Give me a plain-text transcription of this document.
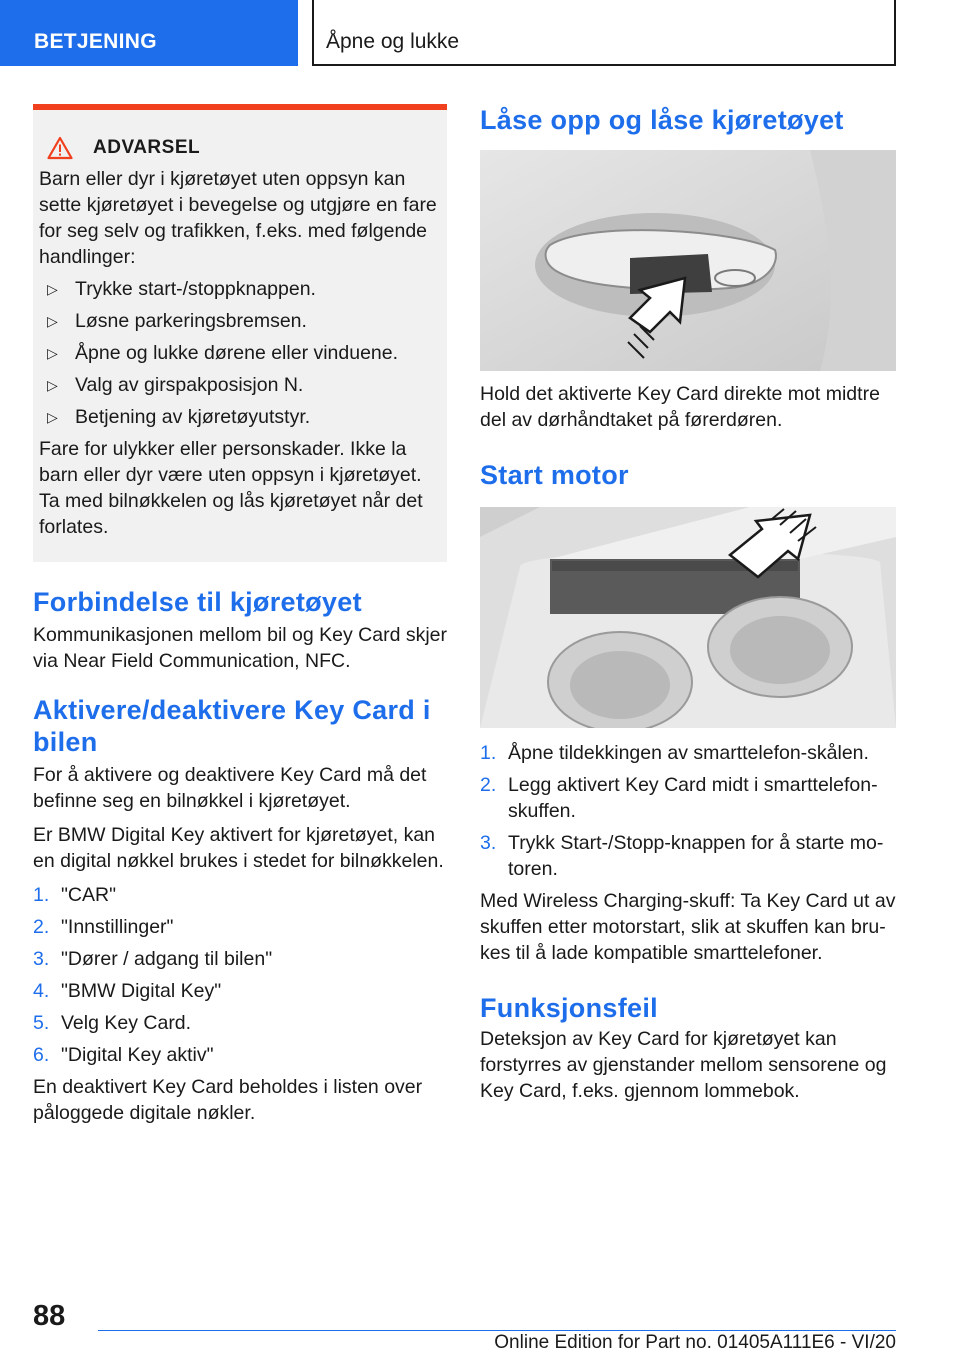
BETJENING	Åpne og lukke
ADVARSEL

Barn eller dyr i kjøretøyet uten oppsyn kan sette kjøretøyet i bevegelse og utgjøre en fare for seg selv og trafikken, f.eks. med følgende handlinger:

▷ Trykke start-/stoppknappen.
▷ Løsne parkeringsbremsen.
▷ Åpne og lukke dørene eller vinduene.
▷ Valg av girspakposisjon N.
▷ Betjening av kjøretøyutstyr.

Fare for ulykker eller personskader. Ikke la barn eller dyr være uten oppsyn i kjøretøyet. Ta med bilnøkkelen og lås kjøretøyet når det forlates.

Forbindelse til kjøretøyet

Kommunikasjonen mellom bil og Key Card skjer via Near Field Communication, NFC.

Aktivere/deaktivere Key Card i bilen

For å aktivere og deaktivere Key Card må det befinne seg en bilnøkkel i kjøretøyet.

Er BMW Digital Key aktivert for kjøretøyet, kan en digital nøkkel brukes i stedet for bilnøkkelen.

1. "CAR"
2. "Innstillinger"
3. "Dører / adgang til bilen"
4. "BMW Digital Key"
5. Velg Key Card.
6. "Digital Key aktiv"

En deaktivert Key Card beholdes i listen over påloggede digitale nøkler.

Låse opp og låse kjøretøyet

Hold det aktiverte Key Card direkte mot midtre del av dørhåndtaket på førerdøren.

Start motor
1. Åpne tildekkingen av smarttelefon-skålen.
2. Legg aktivert Key Card midt i smarttelefonskuffen.
3. Trykk Start-/Stopp-knappen for å starte motoren.

Med Wireless Charging-skuff: Ta Key Card ut av skuffen etter motorstart, slik at skuffen kan brukes til å lade kompatible smarttelefoner.

Funksjonsfeil

Deteksjon av Key Card for kjøretøyet kan forstyrres av gjenstander mellom sensorene og Key Card, f.eks. gjennom lommebok.

88
Online Edition for Part no. 01405A111E6 - VI/20
